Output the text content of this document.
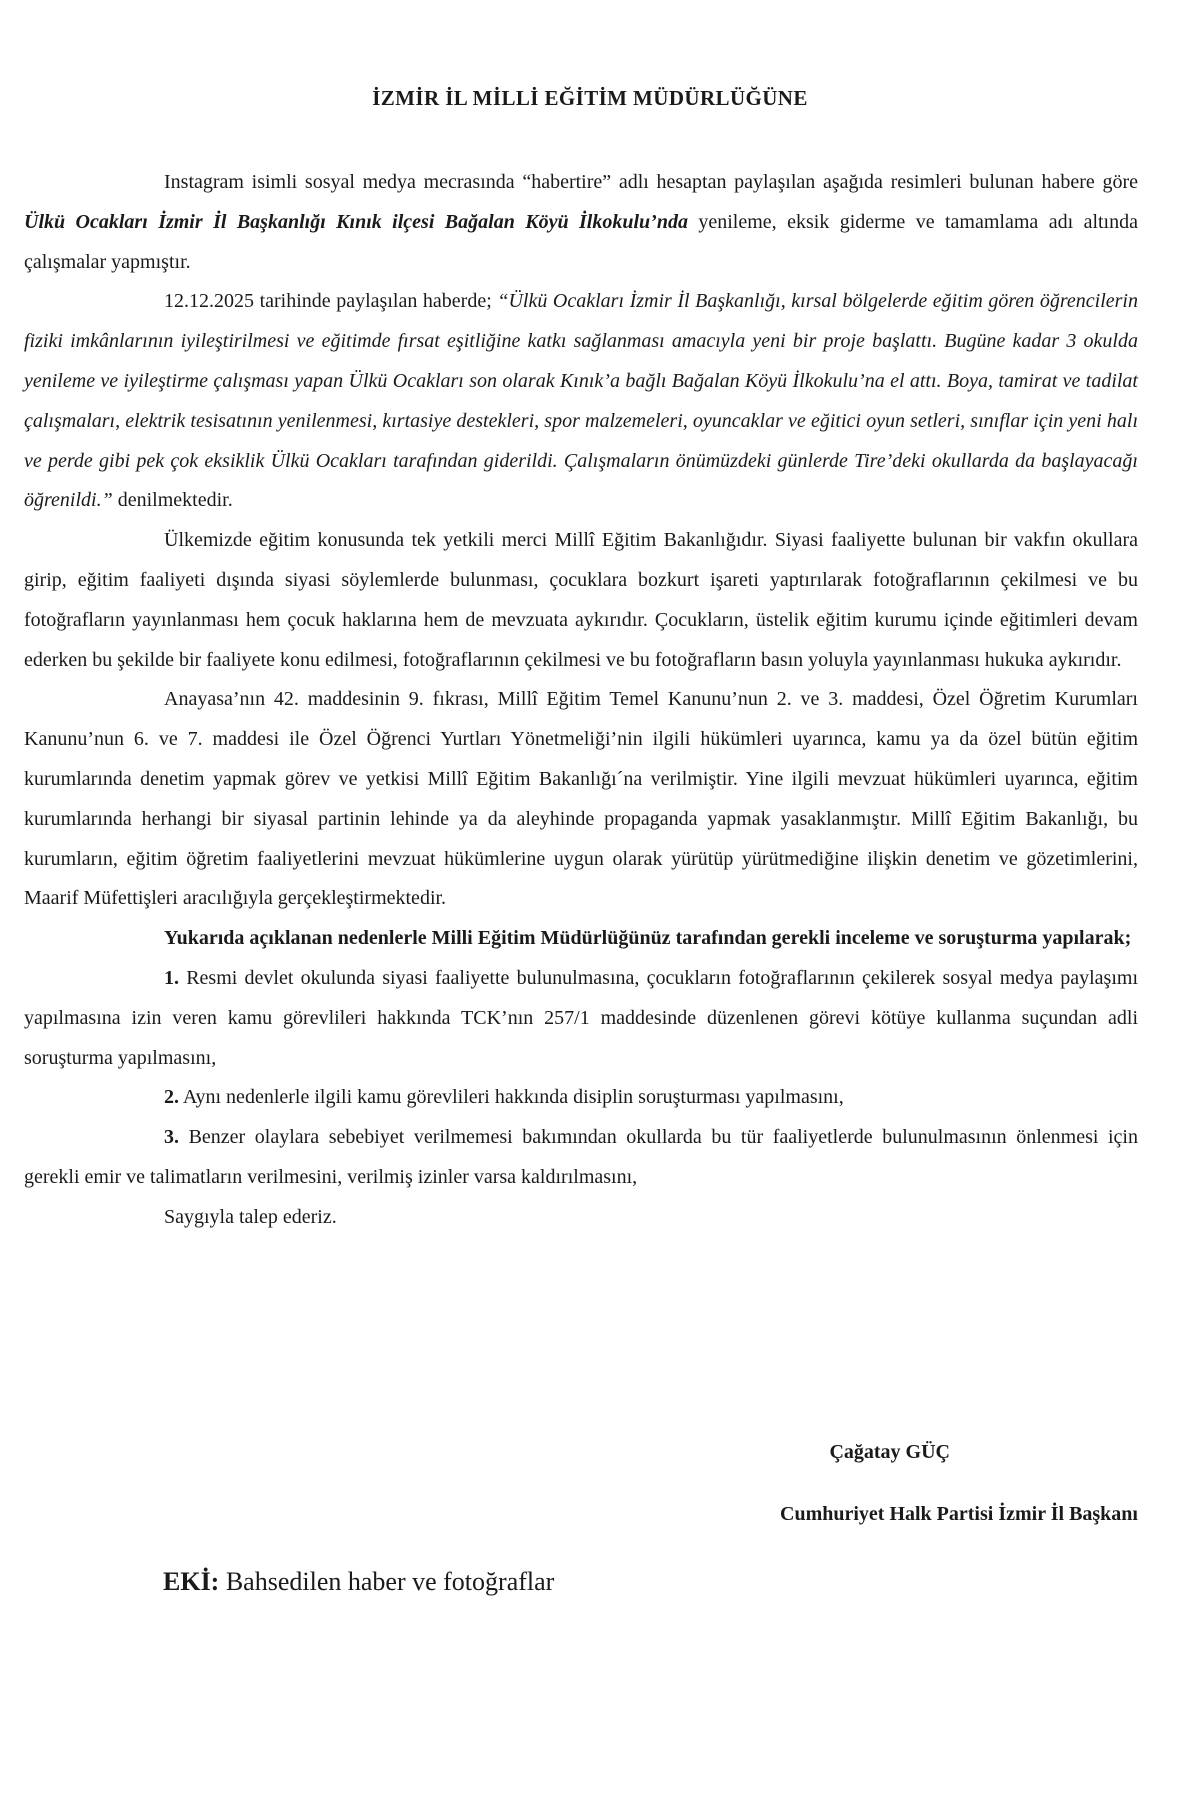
İZMİR İL MİLLİ EĞİTİM MÜDÜRLÜĞÜNE

Instagram isimli sosyal medya mecrasında “habertire” adlı hesaptan paylaşılan aşağıda resimleri bulunan habere göre Ülkü Ocakları İzmir İl Başkanlığı Kınık ilçesi Bağalan Köyü İlkokulu’nda yenileme, eksik giderme ve tamamlama adı altında çalışmalar yapmıştır.

12.12.2025 tarihinde paylaşılan haberde; “Ülkü Ocakları İzmir İl Başkanlığı, kırsal bölgelerde eğitim gören öğrencilerin fiziki imkânlarının iyileştirilmesi ve eğitimde fırsat eşitliğine katkı sağlanması amacıyla yeni bir proje başlattı. Bugüne kadar 3 okulda yenileme ve iyileştirme çalışması yapan Ülkü Ocakları son olarak Kınık’a bağlı Bağalan Köyü İlkokulu’na el attı. Boya, tamirat ve tadilat çalışmaları, elektrik tesisatının yenilenmesi, kırtasiye destekleri, spor malzemeleri, oyuncaklar ve eğitici oyun setleri, sınıflar için yeni halı ve perde gibi pek çok eksiklik Ülkü Ocakları tarafından giderildi. Çalışmaların önümüzdeki günlerde Tire’deki okullarda da başlayacağı öğrenildi.” denilmektedir.

Ülkemizde eğitim konusunda tek yetkili merci Millî Eğitim Bakanlığıdır. Siyasi faaliyette bulunan bir vakfın okullara girip, eğitim faaliyeti dışında siyasi söylemlerde bulunması, çocuklara bozkurt işareti yaptırılarak fotoğraflarının çekilmesi ve bu fotoğrafların yayınlanması hem çocuk haklarına hem de mevzuata aykırıdır. Çocukların, üstelik eğitim kurumu içinde eğitimleri devam ederken bu şekilde bir faaliyete konu edilmesi, fotoğraflarının çekilmesi ve bu fotoğrafların basın yoluyla yayınlanması hukuka aykırıdır.

Anayasa’nın 42. maddesinin 9. fıkrası, Millî Eğitim Temel Kanunu’nun 2. ve 3. maddesi, Özel Öğretim Kurumları Kanunu’nun 6. ve 7. maddesi ile Özel Öğrenci Yurtları Yönetmeliği’nin ilgili hükümleri uyarınca, kamu ya da özel bütün eğitim kurumlarında denetim yapmak görev ve yetkisi Millî Eğitim Bakanlığı´na verilmiştir. Yine ilgili mevzuat hükümleri uyarınca, eğitim kurumlarında herhangi bir siyasal partinin lehinde ya da aleyhinde propaganda yapmak yasaklanmıştır. Millî Eğitim Bakanlığı, bu kurumların, eğitim öğretim faaliyetlerini mevzuat hükümlerine uygun olarak yürütüp yürütmediğine ilişkin denetim ve gözetimlerini, Maarif Müfettişleri aracılığıyla gerçekleştirmektedir.

Yukarıda açıklanan nedenlerle Milli Eğitim Müdürlüğünüz tarafından gerekli inceleme ve soruşturma yapılarak;

1. Resmi devlet okulunda siyasi faaliyette bulunulmasına, çocukların fotoğraflarının çekilerek sosyal medya paylaşımı yapılmasına izin veren kamu görevlileri hakkında TCK’nın 257/1 maddesinde düzenlenen görevi kötüye kullanma suçundan adli soruşturma yapılmasını,

2. Aynı nedenlerle ilgili kamu görevlileri hakkında disiplin soruşturması yapılmasını,

3. Benzer olaylara sebebiyet verilmemesi bakımından okullarda bu tür faaliyetlerde bulunulmasının önlenmesi için gerekli emir ve talimatların verilmesini, verilmiş izinler varsa kaldırılmasını,

Saygıyla talep ederiz.

Çağatay GÜÇ
Cumhuriyet Halk Partisi İzmir İl Başkanı
EKİ: Bahsedilen haber ve fotoğraflar
